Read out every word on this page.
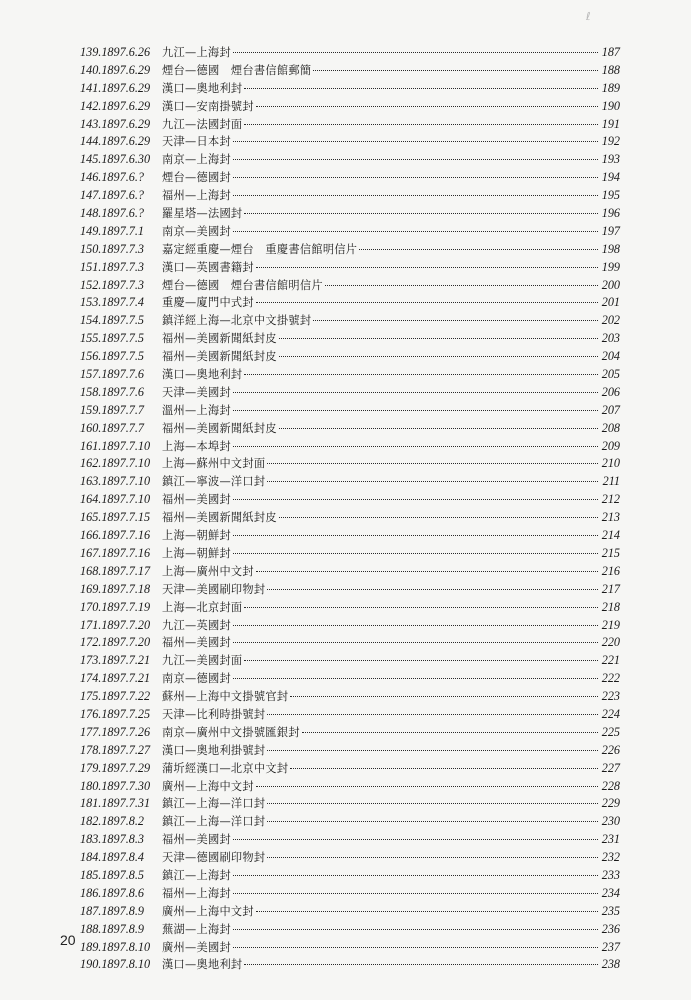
ℓ
139.1897.6.26	九江—上海封	187
140.1897.6.29	煙台—德國　煙台書信館郵簡	188
141.1897.6.29	漢口—奧地利封	189
142.1897.6.29	漢口—安南掛號封	190
143.1897.6.29	九江—法國封面	191
144.1897.6.29	天津—日本封	192
145.1897.6.30	南京—上海封	193
146.1897.6.?	煙台—德國封	194
147.1897.6.?	福州—上海封	195
148.1897.6.?	羅星塔—法國封	196
149.1897.7.1	南京—美國封	197
150.1897.7.3	嘉定經重慶—煙台　重慶書信館明信片	198
151.1897.7.3	漢口—英國書籍封	199
152.1897.7.3	煙台—德國　煙台書信館明信片	200
153.1897.7.4	重慶—廈門中式封	201
154.1897.7.5	鎮洋經上海—北京中文掛號封	202
155.1897.7.5	福州—美國新聞紙封皮	203
156.1897.7.5	福州—美國新聞紙封皮	204
157.1897.7.6	漢口—奧地利封	205
158.1897.7.6	天津—美國封	206
159.1897.7.7	溫州—上海封	207
160.1897.7.7	福州—美國新聞紙封皮	208
161.1897.7.10	上海—本埠封	209
162.1897.7.10	上海—蘇州中文封面	210
163.1897.7.10	鎮江—寧波—洋口封	211
164.1897.7.10	福州—美國封	212
165.1897.7.15	福州—美國新聞紙封皮	213
166.1897.7.16	上海—朝鮮封	214
167.1897.7.16	上海—朝鮮封	215
168.1897.7.17	上海—廣州中文封	216
169.1897.7.18	天津—美國刷印物封	217
170.1897.7.19	上海—北京封面	218
171.1897.7.20	九江—英國封	219
172.1897.7.20	福州—美國封	220
173.1897.7.21	九江—美國封面	221
174.1897.7.21	南京—德國封	222
175.1897.7.22	蘇州—上海中文掛號官封	223
176.1897.7.25	天津—比利時掛號封	224
177.1897.7.26	南京—廣州中文掛號匯銀封	225
178.1897.7.27	漢口—奧地利掛號封	226
179.1897.7.29	蒲圻經漢口—北京中文封	227
180.1897.7.30	廣州—上海中文封	228
181.1897.7.31	鎮江—上海—洋口封	229
182.1897.8.2	鎮江—上海—洋口封	230
183.1897.8.3	福州—美國封	231
184.1897.8.4	天津—德國刷印物封	232
185.1897.8.5	鎮江—上海封	233
186.1897.8.6	福州—上海封	234
187.1897.8.9	廣州—上海中文封	235
188.1897.8.9	蕪湖—上海封	236
189.1897.8.10	廣州—美國封	237
190.1897.8.10	漢口—奧地利封	238
20
